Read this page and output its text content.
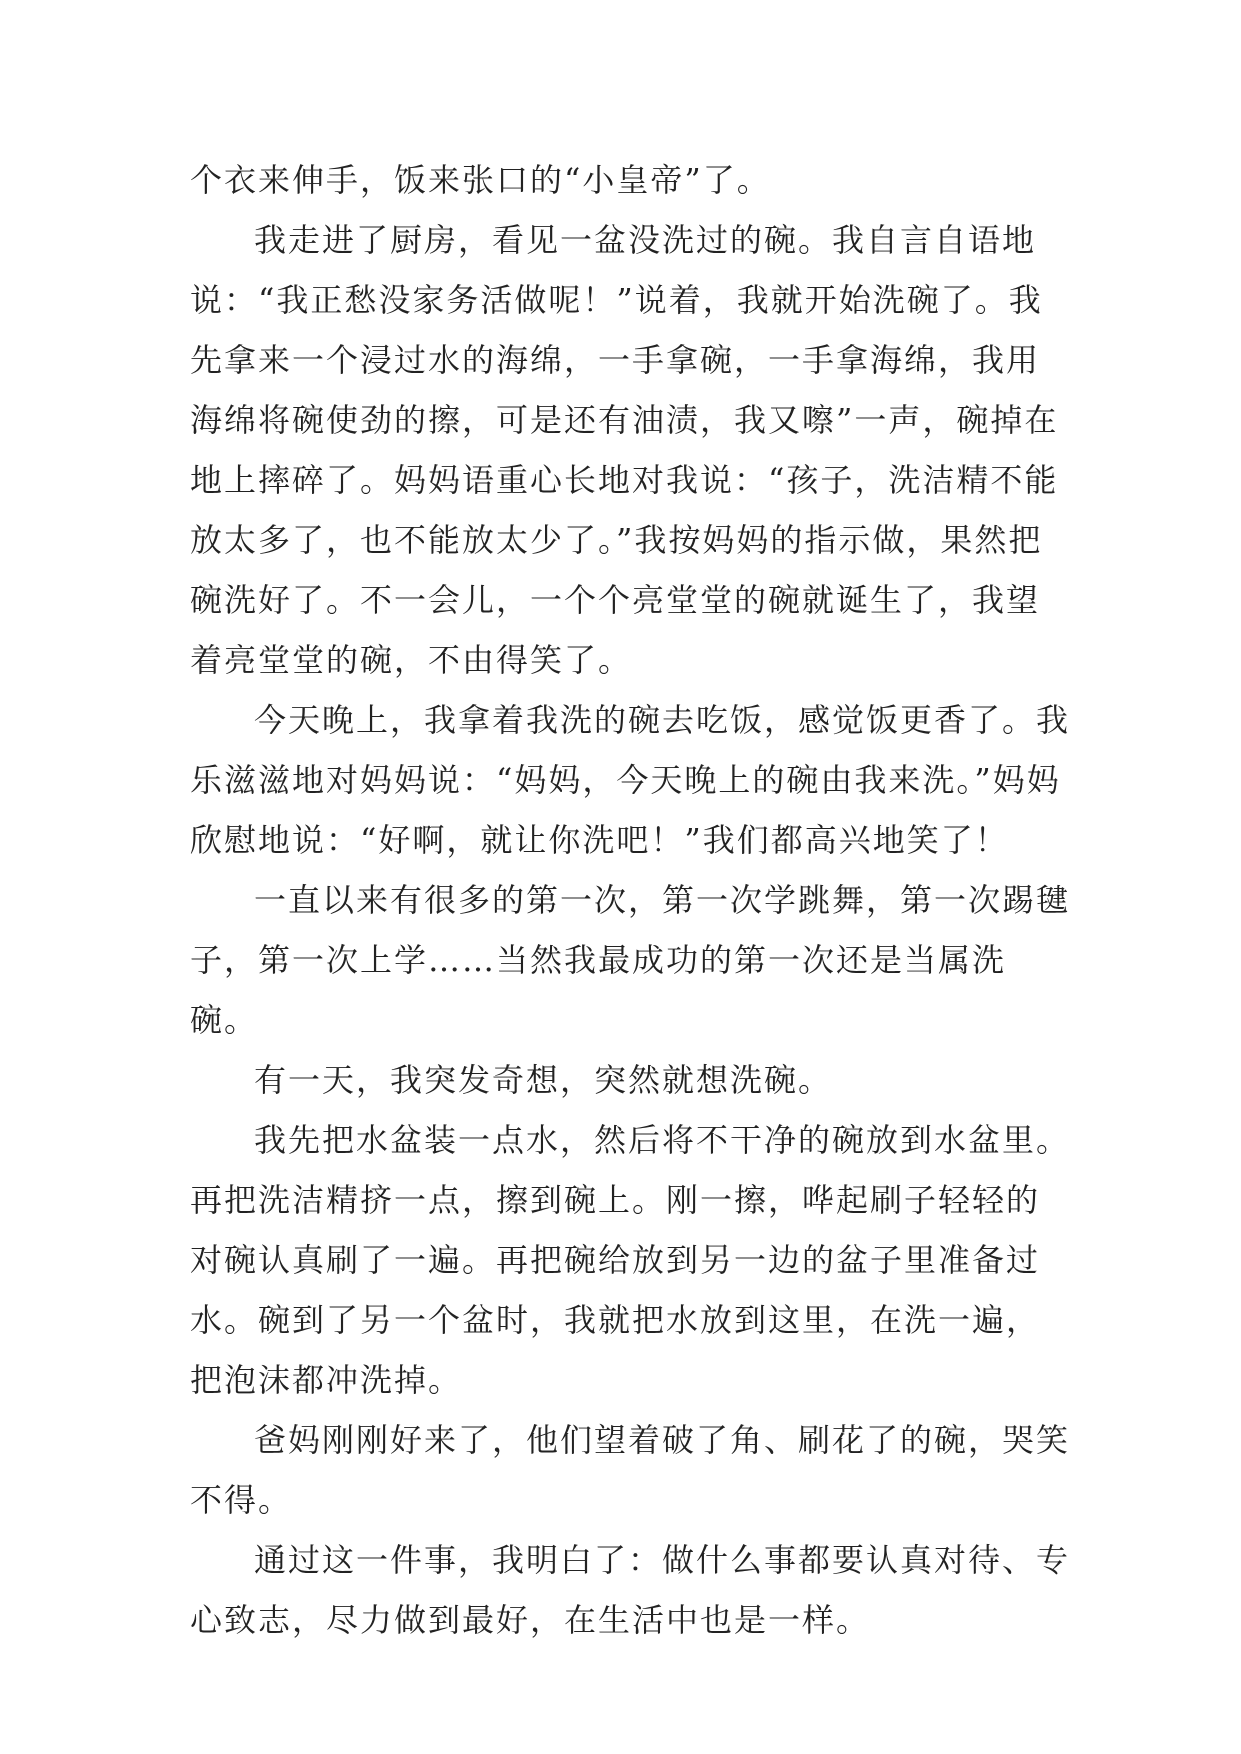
个衣来伸手，饭来张口的“小皇帝”了。

我走进了厨房，看见一盆没洗过的碗。我自言自语地说：“我正愁没家务活做呢！”说着，我就开始洗碗了。我先拿来一个浸过水的海绵，一手拿碗，一手拿海绵，我用海绵将碗使劲的擦，可是还有油渍，我又嚓”一声，碗掉在地上摔碎了。妈妈语重心长地对我说：“孩子，洗洁精不能放太多了，也不能放太少了。”我按妈妈的指示做，果然把碗洗好了。不一会儿，一个个亮堂堂的碗就诞生了，我望着亮堂堂的碗，不由得笑了。

今天晚上，我拿着我洗的碗去吃饭，感觉饭更香了。我乐滋滋地对妈妈说：“妈妈，今天晚上的碗由我来洗。”妈妈欣慰地说：“好啊，就让你洗吧！”我们都高兴地笑了！

一直以来有很多的第一次，第一次学跳舞，第一次踢毽子，第一次上学……当然我最成功的第一次还是当属洗碗。

有一天，我突发奇想，突然就想洗碗。

我先把水盆装一点水，然后将不干净的碗放到水盆里。再把洗洁精挤一点，擦到碗上。刚一擦，哗起刷子轻轻的对碗认真刷了一遍。再把碗给放到另一边的盆子里准备过水。碗到了另一个盆时，我就把水放到这里，在洗一遍，把泡沫都冲洗掉。

爸妈刚刚好来了，他们望着破了角、刷花了的碗，哭笑不得。

通过这一件事，我明白了：做什么事都要认真对待、专心致志，尽力做到最好，在生活中也是一样。
